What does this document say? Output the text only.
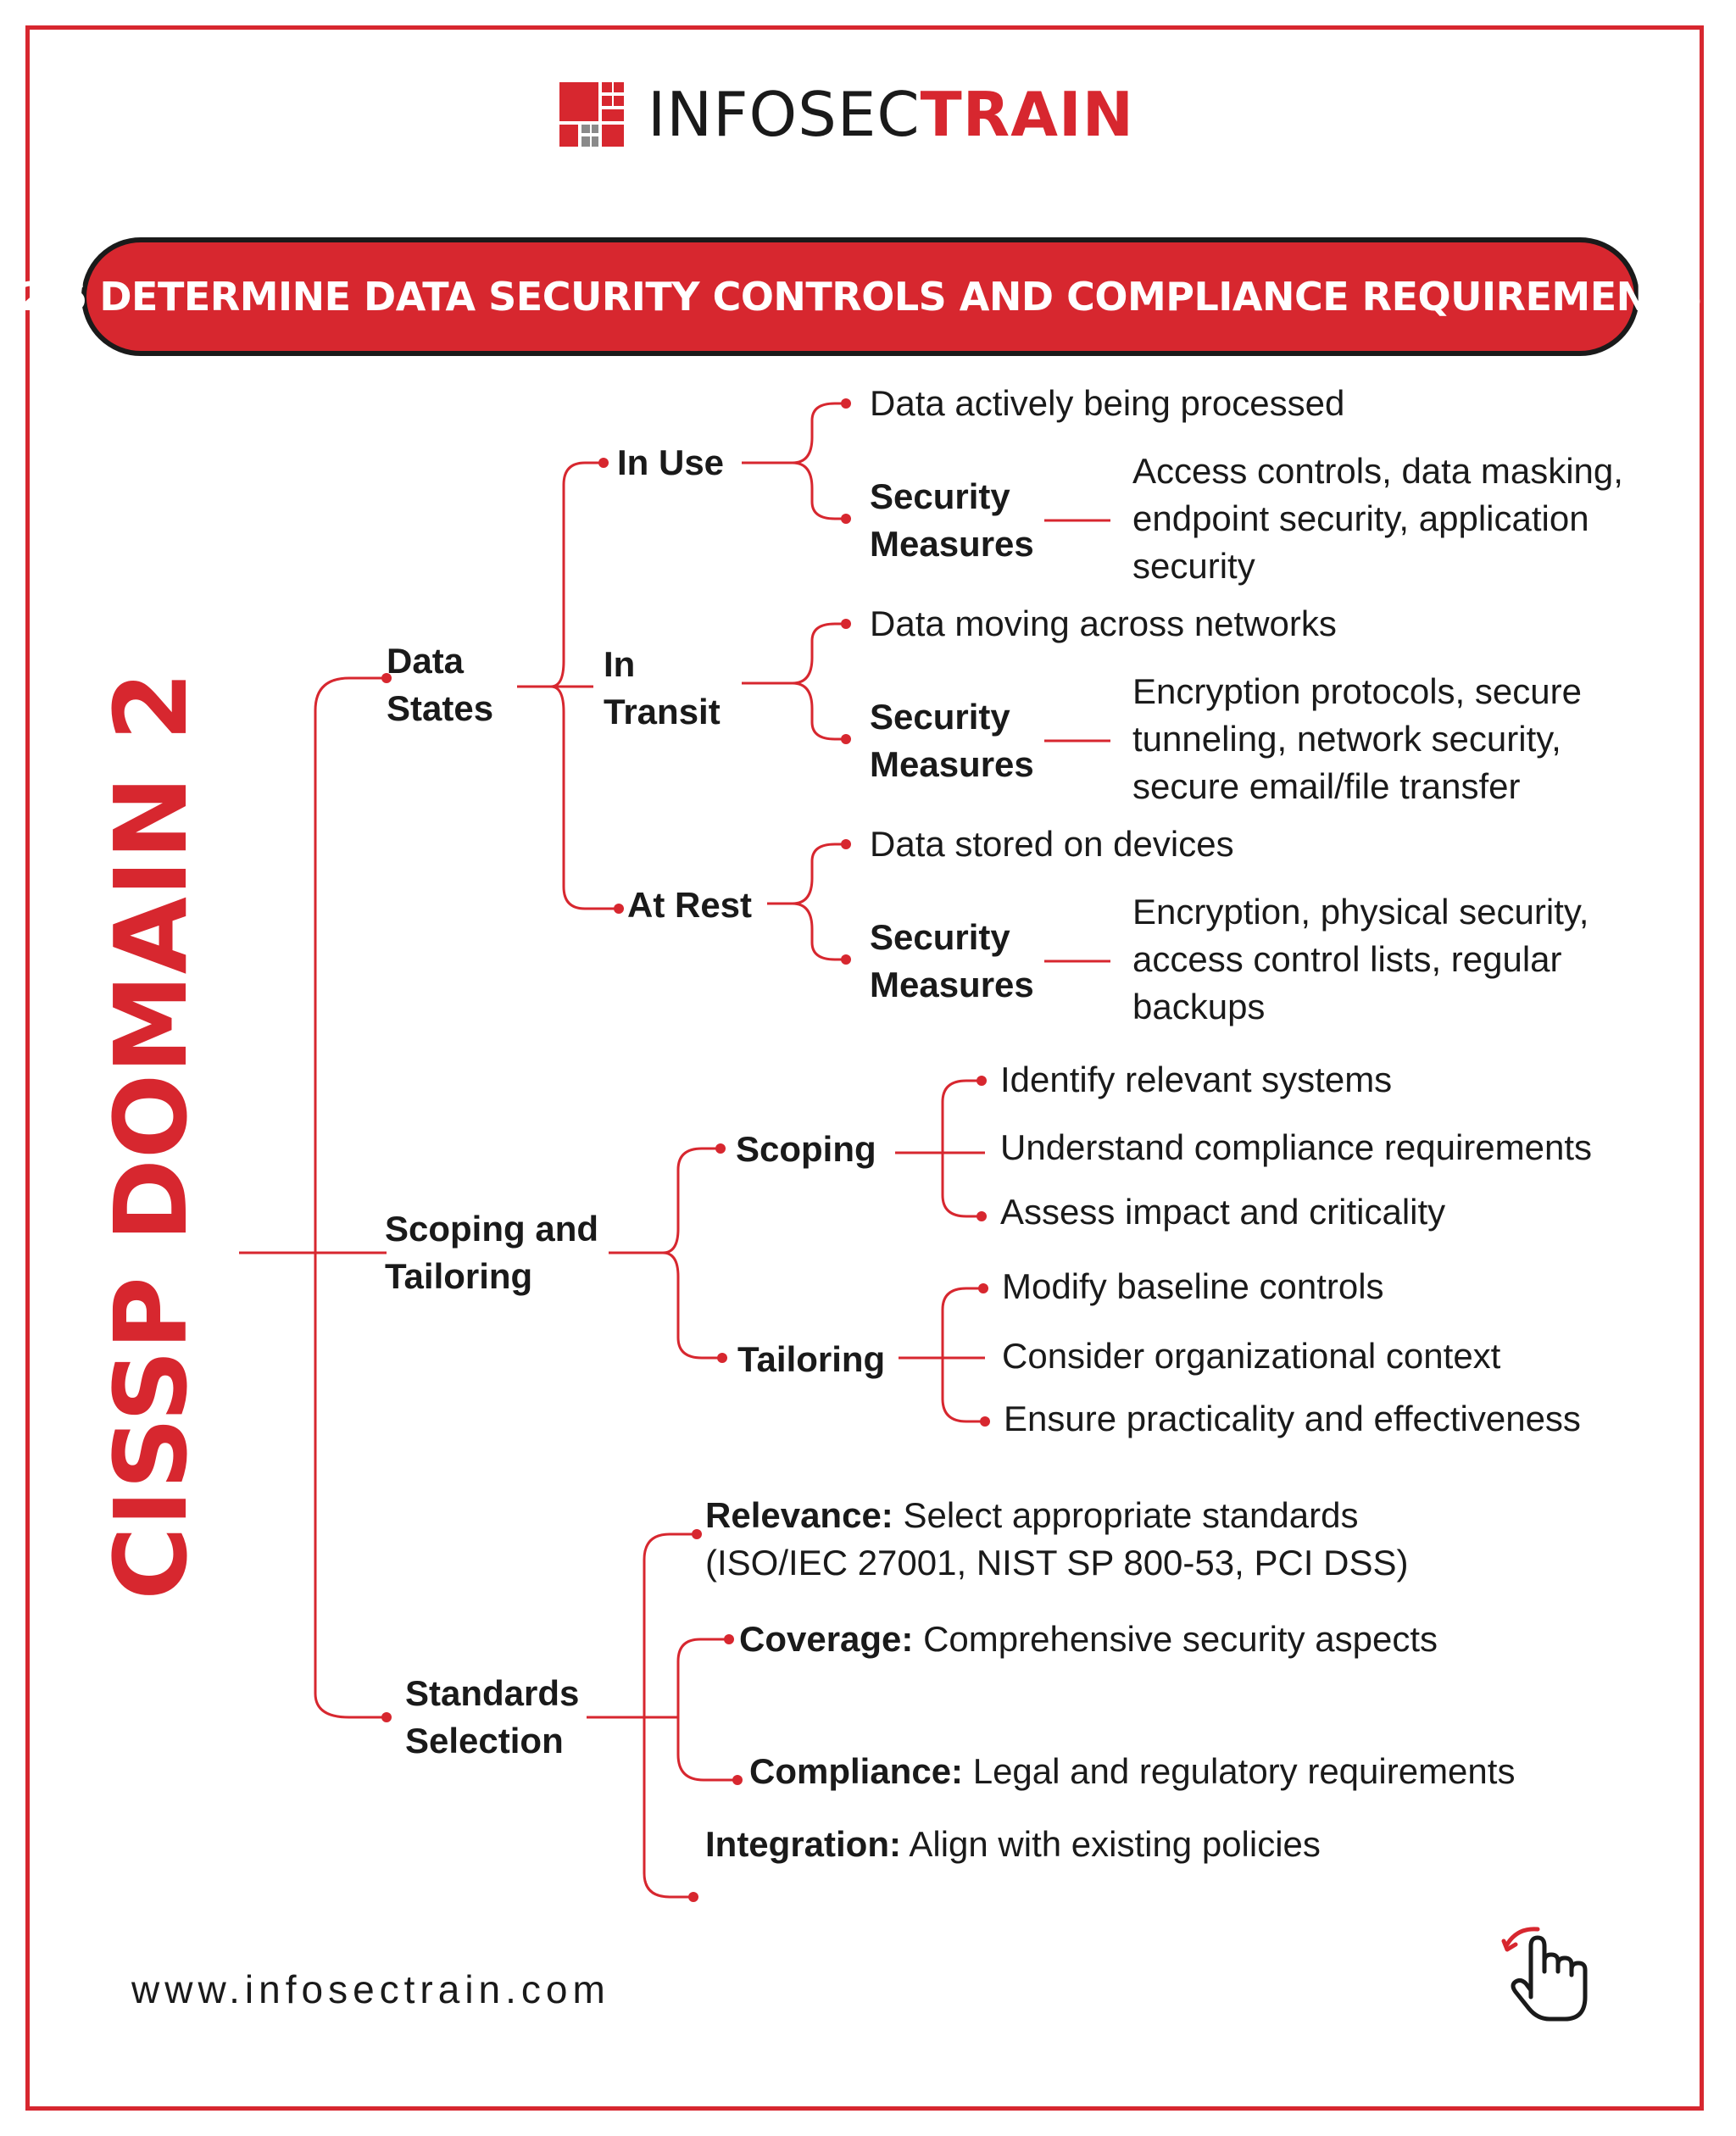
INFOSECTRAIN
2.6 DETERMINE DATA SECURITY CONTROLS AND COMPLIANCE REQUIREMENTS
CISSP DOMAIN 2
Data States
Scoping and Tailoring
Standards Selection
In Use
In Transit
At Rest
Data actively being processed
Security Measures
Access controls, data masking, endpoint security, application security
Data moving across networks
Security Measures
Encryption protocols, secure tunneling, network security, secure email/file transfer
Data stored on devices
Security Measures
Encryption, physical security, access control lists, regular backups
Scoping
Tailoring
Identify relevant systems
Understand compliance requirements
Assess impact and criticality
Modify baseline controls
Consider organizational context
Ensure practicality and effectiveness
Relevance: Select appropriate standards
(ISO/IEC 27001, NIST SP 800-53, PCI DSS)
Coverage: Comprehensive security aspects
Compliance: Legal and regulatory requirements
Integration: Align with existing policies
www.infosectrain.com
